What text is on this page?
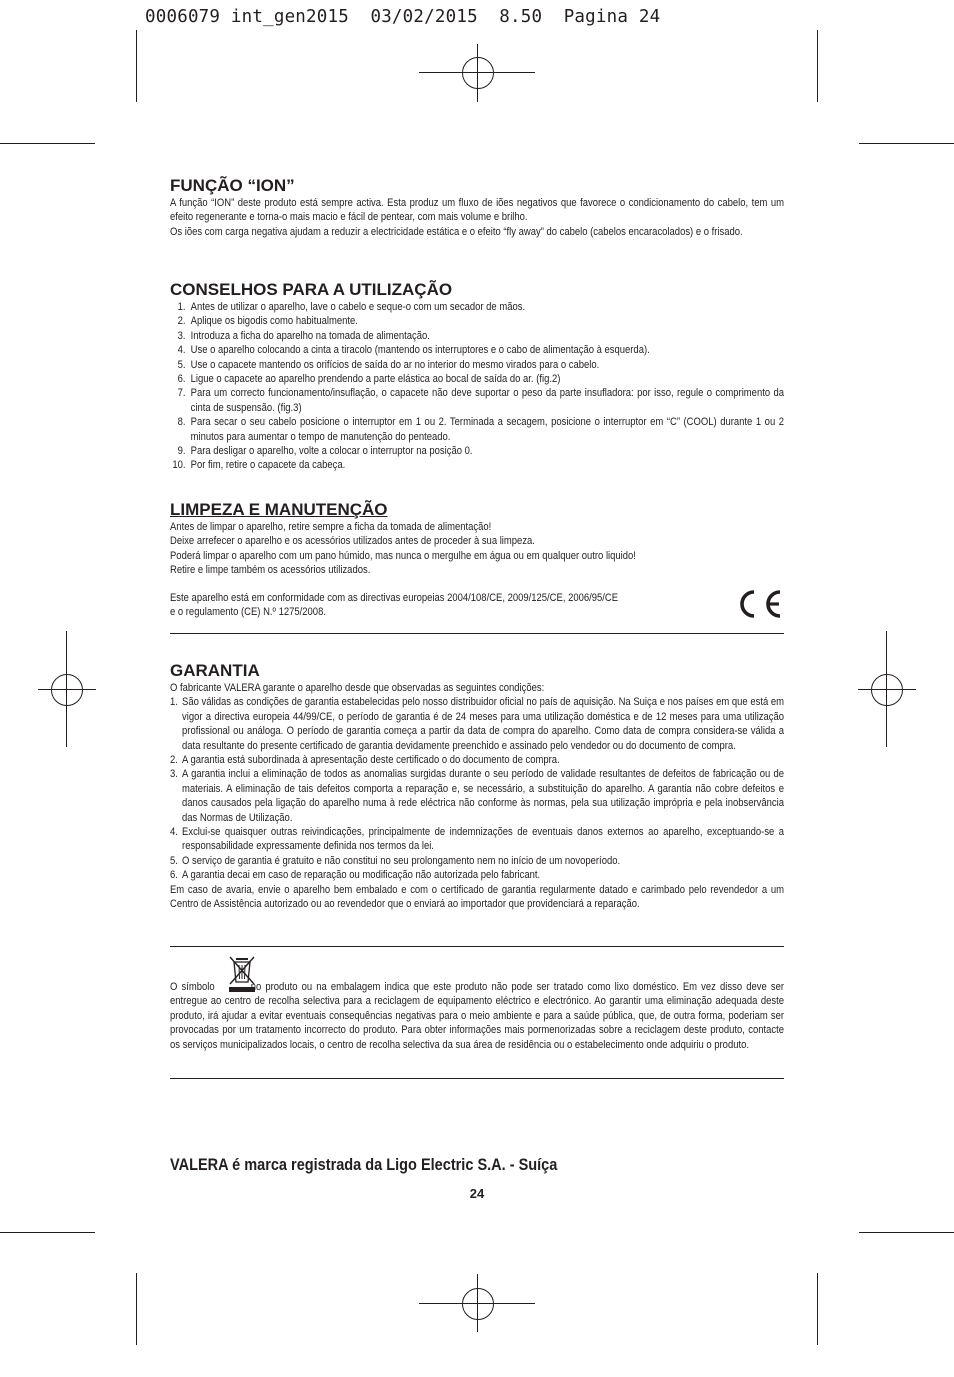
0006079 int_gen2015  03/02/2015  8.50  Pagina 24
FUNÇÃO “ION”

A função “ION” deste produto está sempre activa. Esta produz um fluxo de iões negativos que favorece o condicionamento do cabelo, tem um efeito regenerante e torna-o mais macio e fácil de pentear, com mais volume e brilho.

Os iões com carga negativa ajudam a reduzir a electricidade estática e o efeito “fly away” do cabelo (cabelos encaracolados) e o frisado.

CONSELHOS PARA A UTILIZAÇÃO
1. Antes de utilizar o aparelho, lave o cabelo e seque-o com um secador de mãos.
2. Aplique os bigodis como habitualmente.
3. Introduza a ficha do aparelho na tomada de alimentação.
4. Use o aparelho colocando a cinta a tiracolo (mantendo os interruptores e o cabo de alimentação à esquerda).
5. Use o capacete mantendo os orifícios de saída do ar no interior do mesmo virados para o cabelo.
6. Ligue o capacete ao aparelho prendendo a parte elástica ao bocal de saída do ar. (fig.2)
7. Para um correcto funcionamento/insuflação, o capacete não deve suportar o peso da parte insufladora: por isso, regule o comprimento da cinta de suspensão. (fig.3)
8. Para secar o seu cabelo posicione o interruptor em 1 ou 2. Terminada a secagem, posicione o interruptor em “C” (COOL) durante 1 ou 2 minutos para aumentar o tempo de manutenção do penteado.
9. Para desligar o aparelho, volte a colocar o interruptor na posição 0.
10. Por fim, retire o capacete da cabeça.
LIMPEZA E MANUTENÇÃO

Antes de limpar o aparelho, retire sempre a ficha da tomada de alimentação!

Deixe arrefecer o aparelho e os acessórios utilizados antes de proceder à sua limpeza.

Poderá limpar o aparelho com um pano húmido, mas nunca o mergulhe em água ou em qualquer outro liquido!

Retire e limpe também os acessórios utilizados.

Este aparelho está em conformidade com as directivas europeias 2004/108/CE, 2009/125/CE, 2006/95/CE

e o regulamento (CE) N.º 1275/2008.

GARANTIA

O fabricante VALERA garante o aparelho desde que observadas as seguintes condições:

1. São válidas as condições de garantia estabelecidas pelo nosso distribuidor oficial no país de aquisição. Na Suiça e nos países em que está em vigor a directiva europeia 44/99/CE, o período de garantia é de 24 meses para uma utilização doméstica e de 12 meses para uma utilização profissional ou análoga. O período de garantia começa a partir da data de compra do aparelho. Como data de compra considera-se válida a data resultante do presente certificado de garantia devidamente preenchido e assinado pelo vendedor ou do documento de compra.
2. A garantia está subordinada à apresentação deste certificado o do documento de compra.
3. A garantia inclui a eliminação de todos as anomalias surgidas durante o seu período de validade resultantes de defeitos de fabricação ou de materiais. A eliminação de tais defeitos comporta a reparação e, se necessário, a substituição do aparelho. A garantia não cobre defeitos e danos causados pela ligação do aparelho numa à rede eléctrica não conforme às normas, pela sua utilização imprópria e pela inobservância das Normas de Utilização.
4. Exclui-se quaisquer outras reivindicações, principalmente de indemnizações de eventuais danos externos ao aparelho, exceptuando-se a responsabilidade expressamente definida nos termos da lei.
5. O serviço de garantia é gratuito e não constitui no seu prolongamento nem no início de um novoperíodo.
6. A garantia decai em caso de reparação ou modificação não autorizada pelo fabricant.

Em caso de avaria, envie o aparelho bem embalado e com o certificado de garantia regularmente datado e carimbado pelo revendedor a um Centro de Assistência autorizado ou ao revendedor que o enviará ao importador que providenciará a reparação.

O símbolo	no produto ou na embalagem indica que este produto não pode ser tratado como lixo doméstico. Em vez disso deve ser entregue ao centro de recolha selectiva para a reciclagem de equipamento eléctrico e electrónico. Ao garantir uma eliminação adequada deste produto, irá ajudar a evitar eventuais consequências negativas para o meio ambiente e para a saúde pública, que, de outra forma, poderiam ser provocadas por um tratamento incorrecto do produto. Para obter informações mais pormenorizadas sobre a reciclagem deste produto, contacte os serviços municipalizados locais, o centro de recolha selectiva da sua área de residência ou o estabelecimento onde adquiriu o produto.

VALERA é marca registrada da Ligo Electric S.A. - Suíça
24
